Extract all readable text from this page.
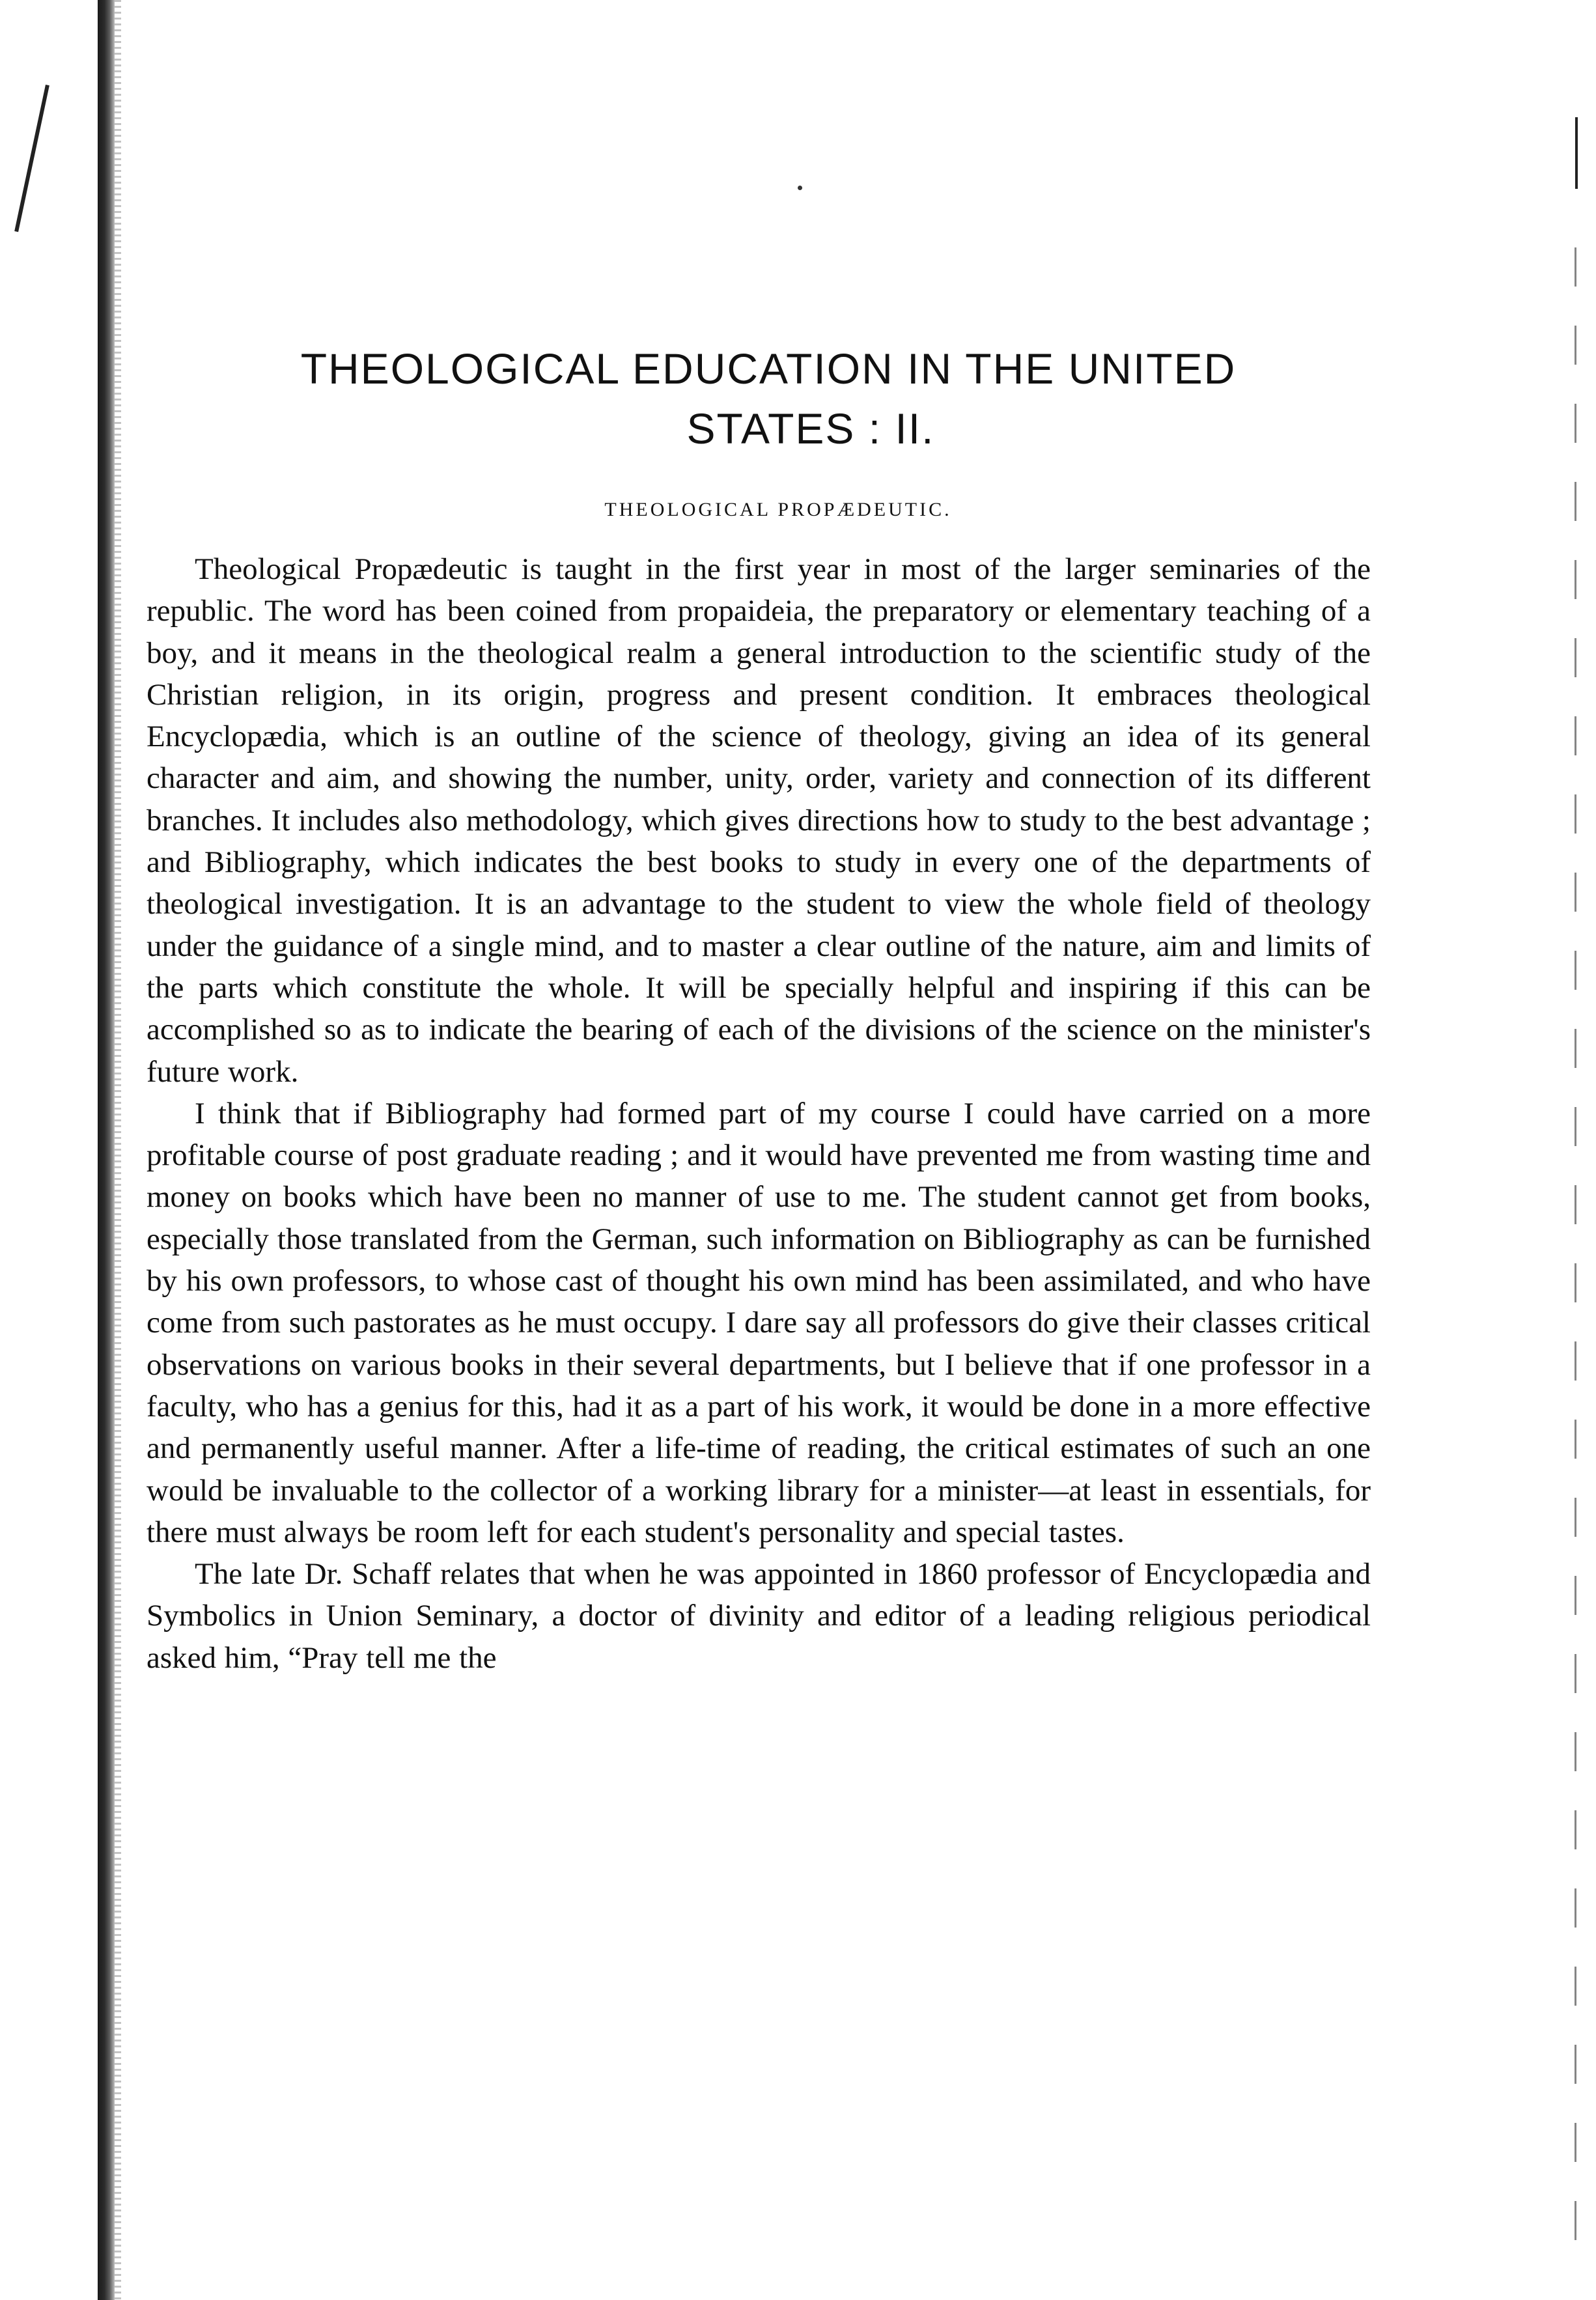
THEOLOGICAL EDUCATION IN THE UNITED
STATES : II.
THEOLOGICAL PROPÆDEUTIC.

Theological Propædeutic is taught in the first year in most of the larger seminaries of the republic. The word has been coined from propaideia, the preparatory or elementary teaching of a boy, and it means in the theological realm a general introduction to the scientific study of the Christian religion, in its origin, progress and present condition. It embraces theological Encyclopædia, which is an outline of the science of theology, giving an idea of its general character and aim, and showing the number, unity, order, variety and connection of its different branches. It includes also methodology, which gives directions how to study to the best advantage ; and Bibliography, which indicates the best books to study in every one of the departments of theological investigation. It is an advantage to the student to view the whole field of theology under the guidance of a single mind, and to master a clear outline of the nature, aim and limits of the parts which constitute the whole. It will be specially helpful and inspiring if this can be accomplished so as to indicate the bearing of each of the divisions of the science on the minister's future work.

I think that if Bibliography had formed part of my course I could have carried on a more profitable course of post graduate reading ; and it would have prevented me from wasting time and money on books which have been no manner of use to me. The student cannot get from books, especially those translated from the German, such information on Bibliography as can be furnished by his own professors, to whose cast of thought his own mind has been assimilated, and who have come from such pastorates as he must occupy. I dare say all professors do give their classes critical observations on various books in their several departments, but I believe that if one professor in a faculty, who has a genius for this, had it as a part of his work, it would be done in a more effective and permanently useful manner. After a life-time of reading, the critical estimates of such an one would be invaluable to the collector of a working library for a minister—at least in essentials, for there must always be room left for each student's personality and special tastes.

The late Dr. Schaff relates that when he was appointed in 1860 professor of Encyclopædia and Symbolics in Union Seminary, a doctor of divinity and editor of a leading religious periodical asked him, “Pray tell me the
